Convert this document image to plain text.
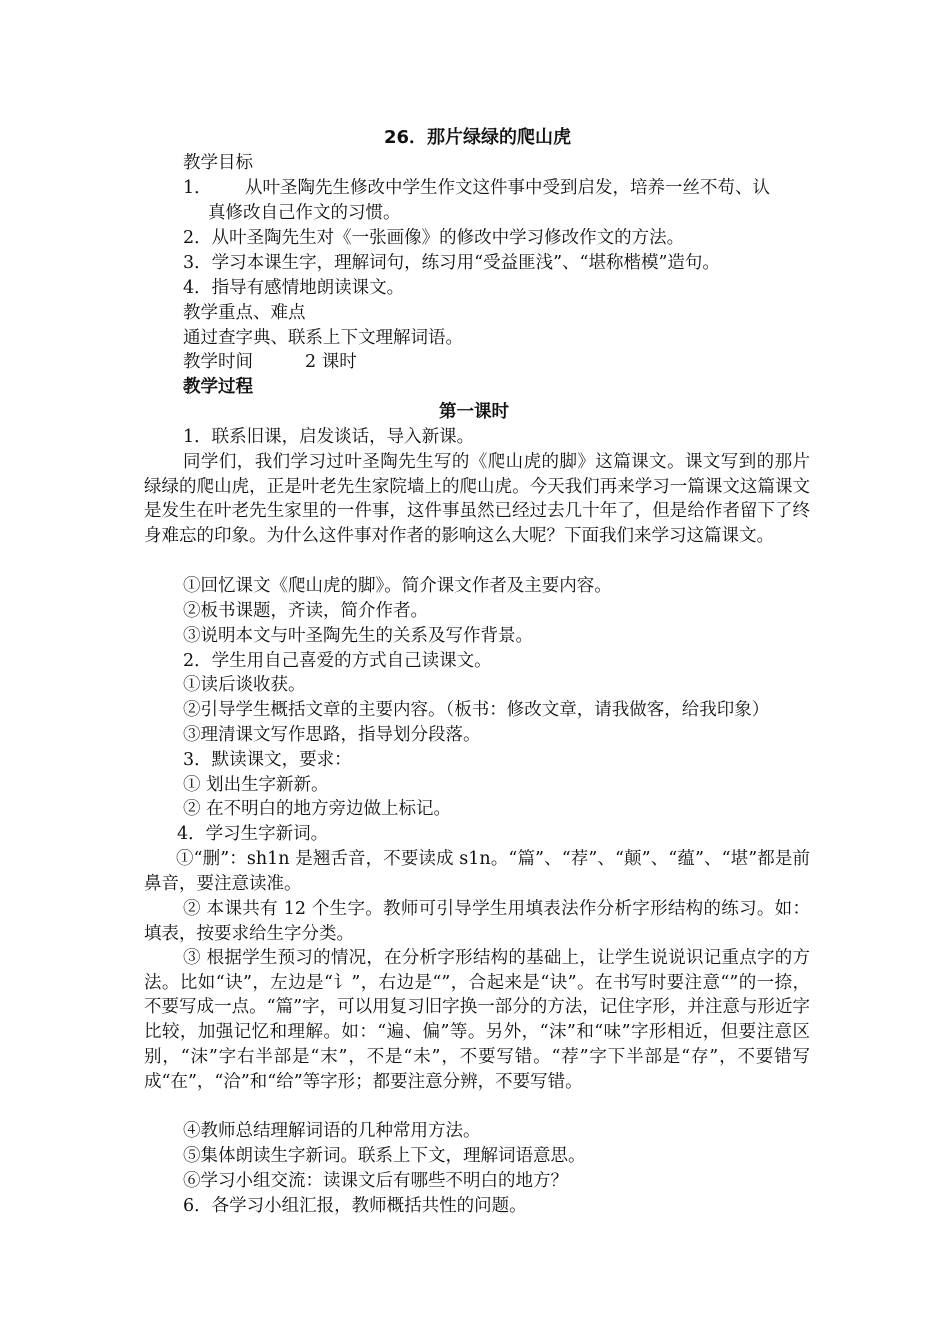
26．那片绿绿的爬山虎
教学目标
1． 从叶圣陶先生修改中学生作文这件事中受到启发，培养一丝不苟、认
真修改自己作文的习惯。
2．从叶圣陶先生对《一张画像》的修改中学习修改作文的方法。
3．学习本课生字，理解词句，练习用“受益匪浅”、“堪称楷模”造句。
4．指导有感情地朗读课文。
教学重点、难点
通过查字典、联系上下文理解词语。
教学时间	2 课时
教学过程
第一课时
1．联系旧课，启发谈话，导入新课。
同学们，我们学习过叶圣陶先生写的《爬山虎的脚》这篇课文。课文写到的那片绿绿的爬山虎，正是叶老先生家院墙上的爬山虎。今天我们再来学习一篇课文这篇课文是发生在叶老先生家里的一件事，这件事虽然已经过去几十年了，但是给作者留下了终身难忘的印象。为什么这件事对作者的影响这么大呢？下面我们来学习这篇课文。
①回忆课文《爬山虎的脚》。简介课文作者及主要内容。
②板书课题，齐读，简介作者。
③说明本文与叶圣陶先生的关系及写作背景。
2．学生用自己喜爱的方式自己读课文。
①读后谈收获。
②引导学生概括文章的主要内容。（板书：修改文章，请我做客，给我印象）
③理清课文写作思路，指导划分段落。
3．默读课文，要求：
① 划出生字新新。
② 在不明白的地方旁边做上标记。
4．学习生字新词。
①“删”：sh1n 是翘舌音，不要读成 s1n。“篇”、“荐”、“颠”、“蕴”、“堪”都是前鼻音，要注意读准。
② 本课共有 12 个生字。教师可引导学生用填表法作分析字形结构的练习。如：填表，按要求给生字分类。
③ 根据学生预习的情况，在分析字形结构的基础上，让学生说说识记重点字的方法。比如“诀”，左边是“讠”，右边是“”，合起来是“诀”。在书写时要注意“”的一捺，不要写成一点。“篇”字，可以用复习旧字换一部分的方法，记住字形，并注意与形近字比较，加强记忆和理解。如：“遍、偏”等。另外，“沫”和“味”字形相近，但要注意区别，“沫”字右半部是“末”，不是“未”，不要写错。“荐”字下半部是“存”，不要错写成“在”，“洽”和“给”等字形；都要注意分辨，不要写错。
④教师总结理解词语的几种常用方法。
⑤集体朗读生字新词。联系上下文，理解词语意思。
⑥学习小组交流：读课文后有哪些不明白的地方？
6．各学习小组汇报，教师概括共性的问题。
